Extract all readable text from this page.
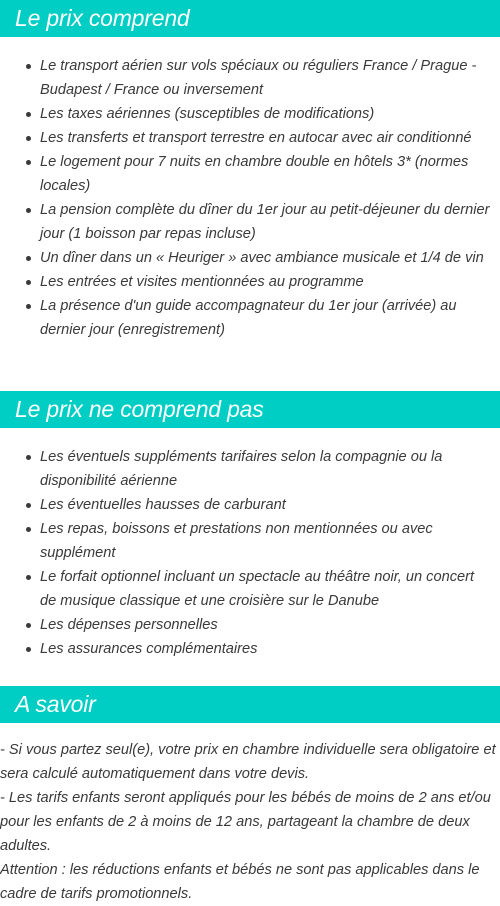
Le prix comprend
Le transport aérien sur vols spéciaux ou réguliers France / Prague - Budapest / France ou inversement
Les taxes aériennes (susceptibles de modifications)
Les transferts et transport terrestre en autocar avec air conditionné
Le logement pour 7 nuits en chambre double en hôtels 3* (normes locales)
La pension complète du dîner du 1er jour au petit-déjeuner du dernier jour (1 boisson par repas incluse)
Un dîner dans un « Heuriger » avec ambiance musicale et 1/4 de vin
Les entrées et visites mentionnées au programme
La présence d'un guide accompagnateur du 1er jour (arrivée) au dernier jour (enregistrement)
Le prix ne comprend pas
Les éventuels suppléments tarifaires selon la compagnie ou la disponibilité aérienne
Les éventuelles hausses de carburant
Les repas, boissons et prestations non mentionnées ou avec supplément
Le forfait optionnel incluant un spectacle au théâtre noir, un concert de musique classique et une croisière sur le Danube
Les dépenses personnelles
Les assurances complémentaires
A savoir

- Si vous partez seul(e), votre prix en chambre individuelle sera obligatoire et sera calculé automatiquement dans votre devis.

- Les tarifs enfants seront appliqués pour les bébés de moins de 2 ans et/ou pour les enfants de 2 à moins de 12 ans, partageant la chambre de deux adultes.

Attention : les réductions enfants et bébés ne sont pas applicables dans le cadre de tarifs promotionnels.
